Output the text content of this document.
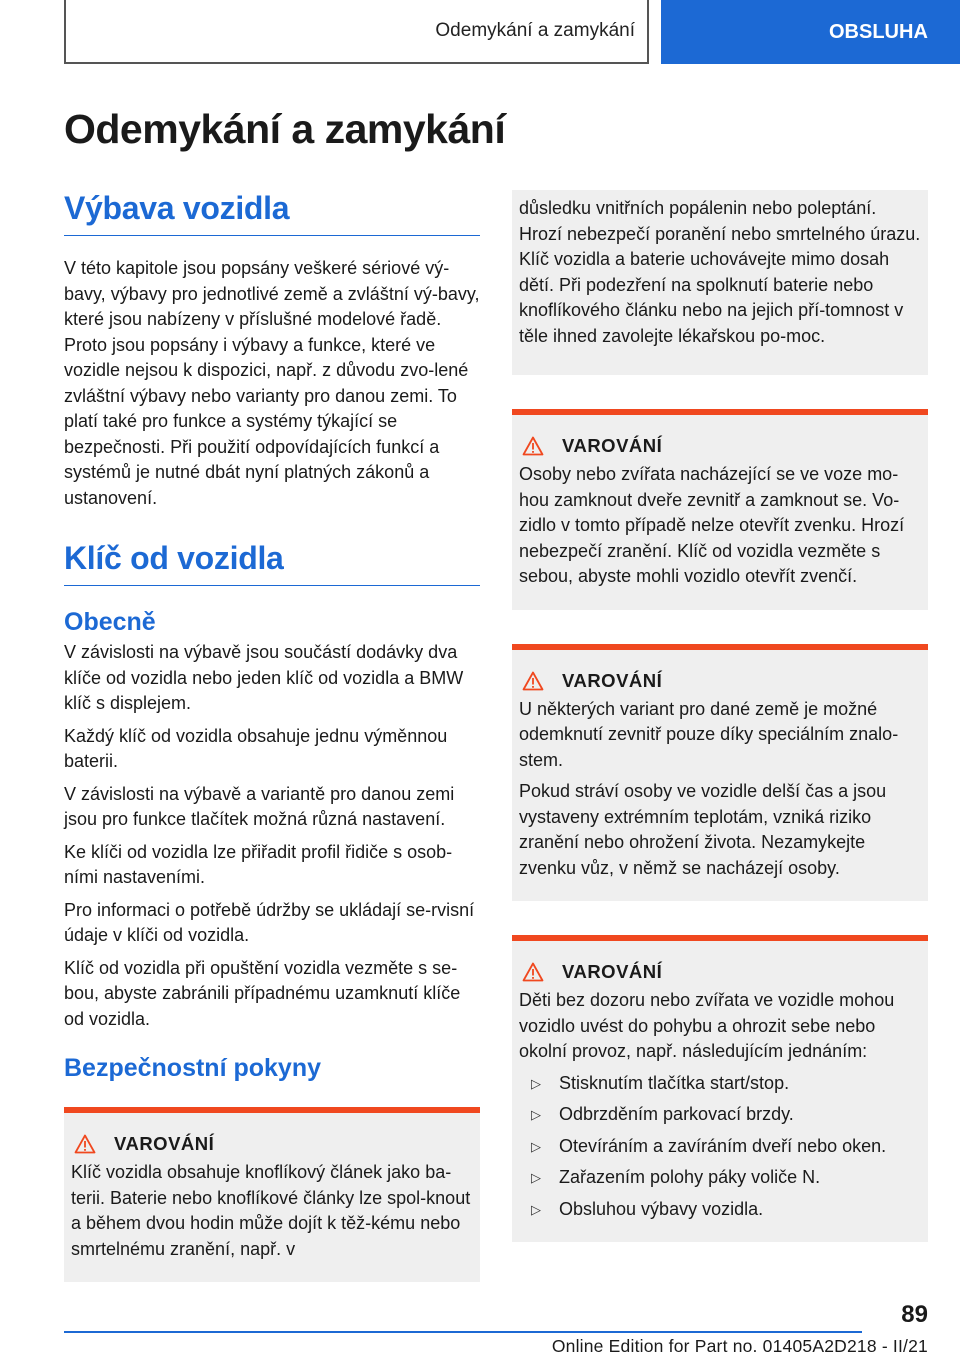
Odemykání a zamykání	OBSLUHA
Odemykání a zamykání
Výbava vozidla
V této kapitole jsou popsány veškeré sériové vý-bavy, výbavy pro jednotlivé země a zvláštní vý-bavy, které jsou nabízeny v příslušné modelové řadě. Proto jsou popsány i výbavy a funkce, které ve vozidle nejsou k dispozici, např. z důvodu zvo-lené zvláštní výbavy nebo varianty pro danou zemi. To platí také pro funkce a systémy týkající se bezpečnosti. Při použití odpovídajících funkcí a systémů je nutné dbát nyní platných zákonů a ustanovení.
Klíč od vozidla
Obecně
V závislosti na výbavě jsou součástí dodávky dva klíče od vozidla nebo jeden klíč od vozidla a BMW klíč s displejem.
Každý klíč od vozidla obsahuje jednu výměnnou baterii.
V závislosti na výbavě a variantě pro danou zemi jsou pro funkce tlačítek možná různá nastavení.
Ke klíči od vozidla lze přiřadit profil řidiče s osob-ními nastaveními.
Pro informaci o potřebě údržby se ukládají se-rvisní údaje v klíči od vozidla.
Klíč od vozidla při opuštění vozidla vezměte s se-bou, abyste zabránili případnému uzamknutí klíče od vozidla.
Bezpečnostní pokyny
VAROVÁNÍ
Klíč vozidla obsahuje knoflíkový článek jako ba-terii. Baterie nebo knoflíkové články lze spol-knout a během dvou hodin může dojít k těž-kému nebo smrtelnému zranění, např. v
důsledku vnitřních popálenin nebo poleptání. Hrozí nebezpečí poranění nebo smrtelného úrazu. Klíč vozidla a baterie uchovávejte mimo dosah dětí. Při podezření na spolknutí baterie nebo knoflíkového článku nebo na jejich pří-tomnost v těle ihned zavolejte lékařskou po-moc.
VAROVÁNÍ
Osoby nebo zvířata nacházející se ve voze mo-hou zamknout dveře zevnitř a zamknout se. Vo-zidlo v tomto případě nelze otevřít zvenku. Hrozí nebezpečí zranění. Klíč od vozidla vezměte s sebou, abyste mohli vozidlo otevřít zvenčí.
VAROVÁNÍ
U některých variant pro dané země je možné odemknutí zevnitř pouze díky speciálním znalo-stem.
Pokud stráví osoby ve vozidle delší čas a jsou vystaveny extrémním teplotám, vzniká riziko zranění nebo ohrožení života. Nezamykejte zvenku vůz, v němž se nacházejí osoby.
VAROVÁNÍ
Děti bez dozoru nebo zvířata ve vozidle mohou vozidlo uvést do pohybu a ohrozit sebe nebo okolní provoz, např. následujícím jednáním:
▷	Stisknutím tlačítka start/stop.
▷	Odbrzděním parkovací brzdy.
▷	Otevíráním a zavíráním dveří nebo oken.
▷	Zařazením polohy páky voliče N.
▷	Obsluhou výbavy vozidla.
89
Online Edition for Part no. 01405A2D218 - II/21
